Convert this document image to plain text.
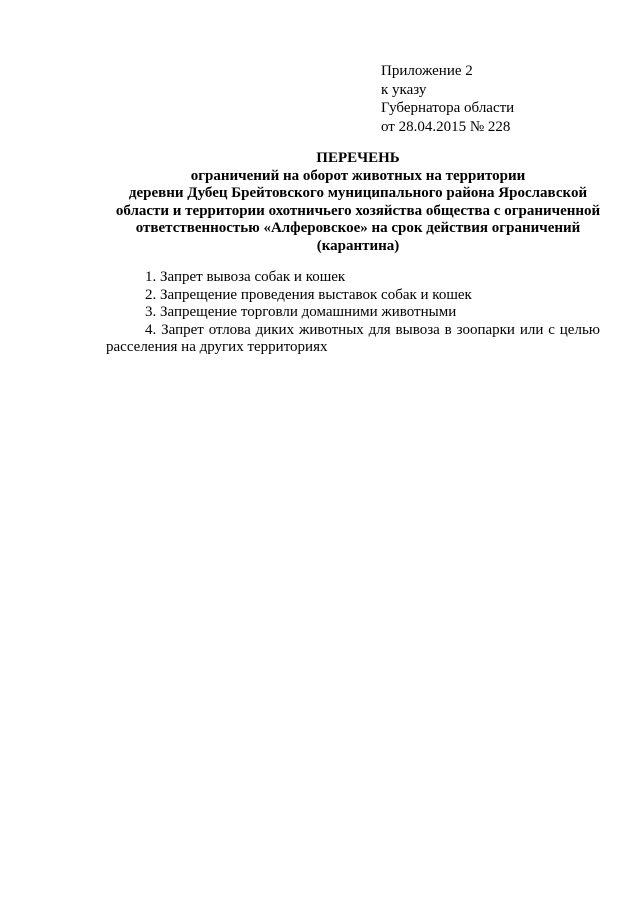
Приложение 2
к указу
Губернатора области
от 28.04.2015 № 228
ПЕРЕЧЕНЬ
ограничений на оборот животных на территории
деревни Дубец Брейтовского муниципального района Ярославской
области и территории охотничьего хозяйства общества с ограниченной
ответственностью «Алферовское» на срок действия ограничений
(карантина)
1. Запрет вывоза собак и кошек
2. Запрещение проведения выставок собак и кошек
3. Запрещение торговли домашними животными
4. Запрет отлова диких животных для вывоза в зоопарки или с целью расселения на других территориях
